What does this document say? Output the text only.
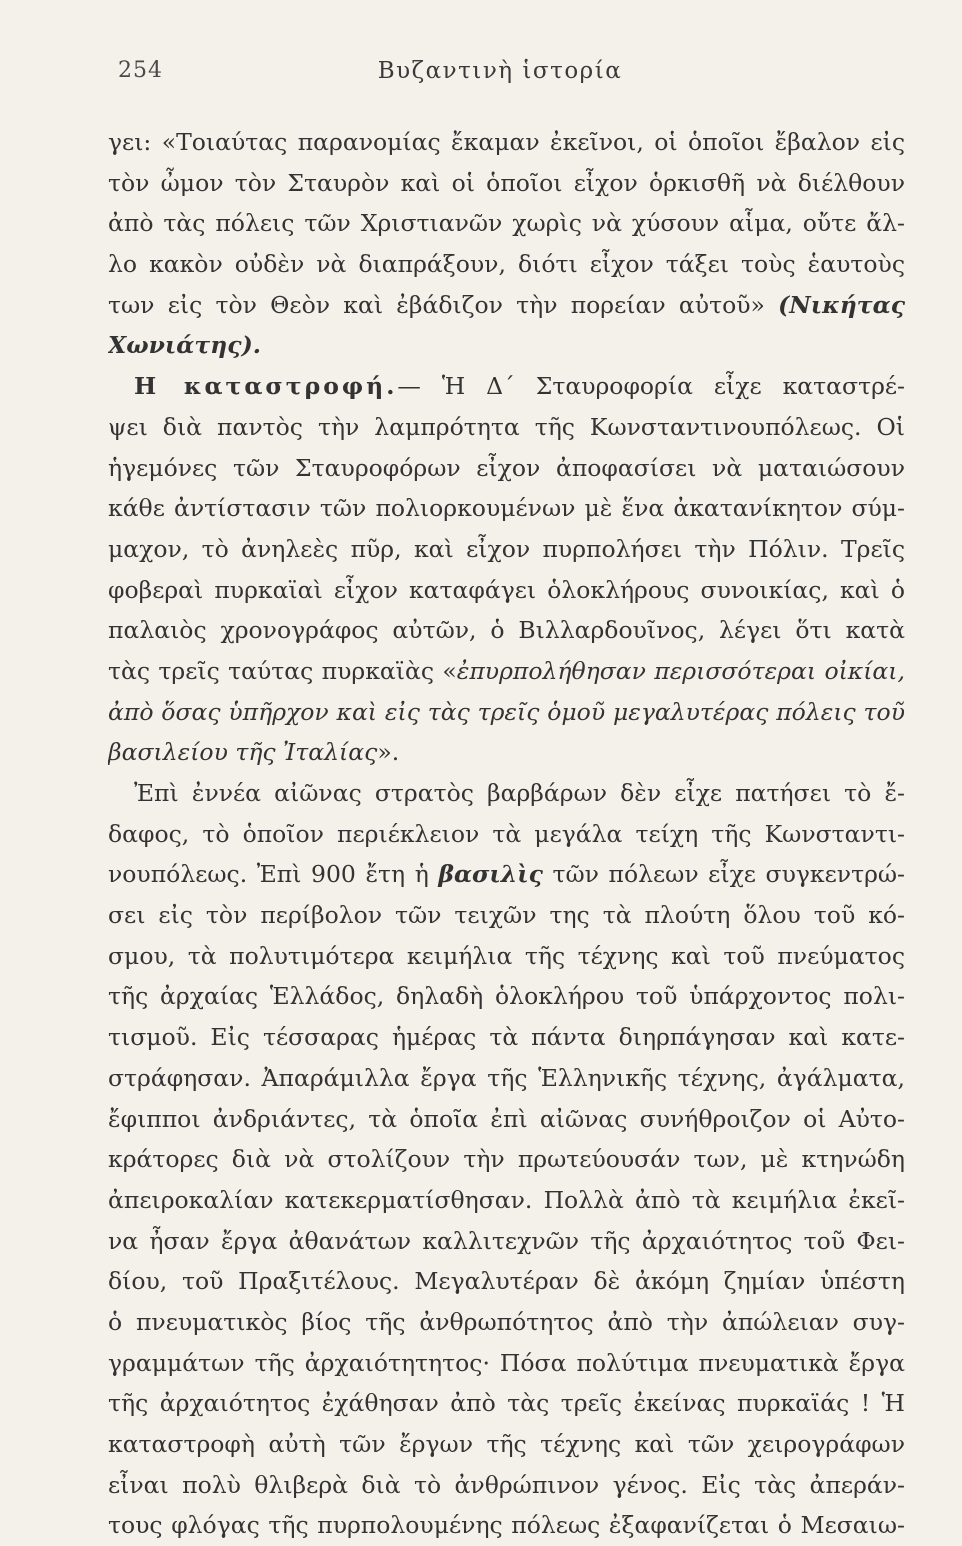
254	Βυζαντινὴ ἱστορία
γει: «Τοιαύτας παρανομίας ἔκαμαν ἐκεῖνοι, οἱ ὁποῖοι ἔβαλον εἰς
τὸν ὦμον τὸν Σταυρὸν καὶ οἱ ὁποῖοι εἶχον ὁρκισθῆ νὰ διέλθουν
ἀπὸ τὰς πόλεις τῶν Χριστιανῶν χωρὶς νὰ χύσουν αἷμα, οὔτε ἄλ-
λο κακὸν οὐδὲν νὰ διαπράξουν, διότι εἶχον τάξει τοὺς ἑαυτοὺς
των εἰς τὸν Θεὸν καὶ ἐβάδιζον τὴν πορείαν αὐτοῦ» (Νικήτας
Χωνιάτης).
Η καταστροφή.— Ἡ Δ΄ Σταυροφορία εἶχε καταστρέ-
ψει διὰ παντὸς τὴν λαμπρότητα τῆς Κωνσταντινουπόλεως. Οἱ
ἡγεμόνες τῶν Σταυροφόρων εἶχον ἀποφασίσει νὰ ματαιώσουν
κάθε ἀντίστασιν τῶν πολιορκουμένων μὲ ἕνα ἀκατανίκητον σύμ-
μαχον, τὸ ἀνηλεὲς πῦρ, καὶ εἶχον πυρπολήσει τὴν Πόλιν. Τρεῖς
φοβεραὶ πυρκαϊαὶ εἶχον καταφάγει ὁλοκλήρους συνοικίας, καὶ ὁ
παλαιὸς χρονογράφος αὐτῶν, ὁ Βιλλαρδουῖνος, λέγει ὅτι κατὰ
τὰς τρεῖς ταύτας πυρκαϊὰς «ἐπυρπολήθησαν περισσότεραι οἰκίαι,
ἀπὸ ὅσας ὑπῆρχον καὶ εἰς τὰς τρεῖς ὁμοῦ μεγαλυτέρας πόλεις τοῦ
βασιλείου τῆς Ἰταλίας».
Ἐπὶ ἐννέα αἰῶνας στρατὸς βαρβάρων δὲν εἶχε πατήσει τὸ ἔ-
δαφος, τὸ ὁποῖον περιέκλειον τὰ μεγάλα τείχη τῆς Κωνσταντι-
νουπόλεως. Ἐπὶ 900 ἔτη ἡ βασιλὶς τῶν πόλεων εἶχε συγκεντρώ-
σει εἰς τὸν περίβολον τῶν τειχῶν της τὰ πλούτη ὅλου τοῦ κό-
σμου, τὰ πολυτιμότερα κειμήλια τῆς τέχνης καὶ τοῦ πνεύματος
τῆς ἀρχαίας Ἑλλάδος, δηλαδὴ ὁλοκλήρου τοῦ ὑπάρχοντος πολι-
τισμοῦ. Εἰς τέσσαρας ἡμέρας τὰ πάντα διηρπάγησαν καὶ κατε-
στράφησαν. Ἀπαράμιλλα ἔργα τῆς Ἑλληνικῆς τέχνης, ἀγάλματα,
ἔφιπποι ἀνδριάντες, τὰ ὁποῖα ἐπὶ αἰῶνας συνήθροιζον οἱ Αὐτο-
κράτορες διὰ νὰ στολίζουν τὴν πρωτεύουσάν των, μὲ κτηνώδη
ἀπειροκαλίαν κατεκερματίσθησαν. Πολλὰ ἀπὸ τὰ κειμήλια ἐκεῖ-
να ἦσαν ἔργα ἀθανάτων καλλιτεχνῶν τῆς ἀρχαιότητος τοῦ Φει-
δίου, τοῦ Πραξιτέλους. Μεγαλυτέραν δὲ ἀκόμη ζημίαν ὑπέστη
ὁ πνευματικὸς βίος τῆς ἀνθρωπότητος ἀπὸ τὴν ἀπώλειαν συγ-
γραμμάτων τῆς ἀρχαιότητητος· Πόσα πολύτιμα πνευματικὰ ἔργα
τῆς ἀρχαιότητος ἐχάθησαν ἀπὸ τὰς τρεῖς ἐκείνας πυρκαϊάς ! Ἡ
καταστροφὴ αὐτὴ τῶν ἔργων τῆς τέχνης καὶ τῶν χειρογράφων
εἶναι πολὺ θλιβερὰ διὰ τὸ ἀνθρώπινον γένος. Εἰς τὰς ἀπεράν-
τους φλόγας τῆς πυρπολουμένης πόλεως ἐξαφανίζεται ὁ Μεσαιω-
